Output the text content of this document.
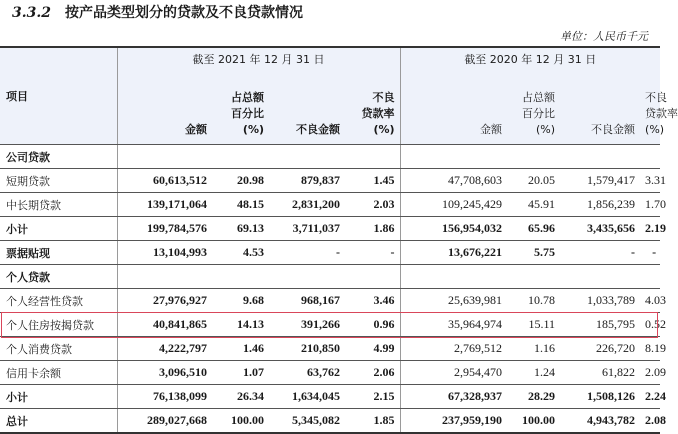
3.3.2 按产品类型划分的贷款及不良贷款情况
单位：人民币千元
项目	截至 2021 年 12 月 31 日				截至 2020 年 12 月 31 日			
	金额	占总额
百分比
(%)	不良金额	不良
贷款率
(%)	金额	占总额
百分比
(%)	不良金额	不良
贷款率
(%)
公司贷款								
短期贷款	60,613,512	20.98	879,837	1.45	47,708,603	20.05	1,579,417	3.31
中长期贷款	139,171,064	48.15	2,831,200	2.03	109,245,429	45.91	1,856,239	1.70
小计	199,784,576	69.13	3,711,037	1.86	156,954,032	65.96	3,435,656	2.19
票据贴现	13,104,993	4.53	-	-	13,676,221	5.75	-	-
个人贷款								
个人经营性贷款	27,976,927	9.68	968,167	3.46	25,639,981	10.78	1,033,789	4.03
个人住房按揭贷款	40,841,865	14.13	391,266	0.96	35,964,974	15.11	185,795	0.52
个人消费贷款	4,222,797	1.46	210,850	4.99	2,769,512	1.16	226,720	8.19
信用卡余额	3,096,510	1.07	63,762	2.06	2,954,470	1.24	61,822	2.09
小计	76,138,099	26.34	1,634,045	2.15	67,328,937	28.29	1,508,126	2.24
总计	289,027,668	100.00	5,345,082	1.85	237,959,190	100.00	4,943,782	2.08
